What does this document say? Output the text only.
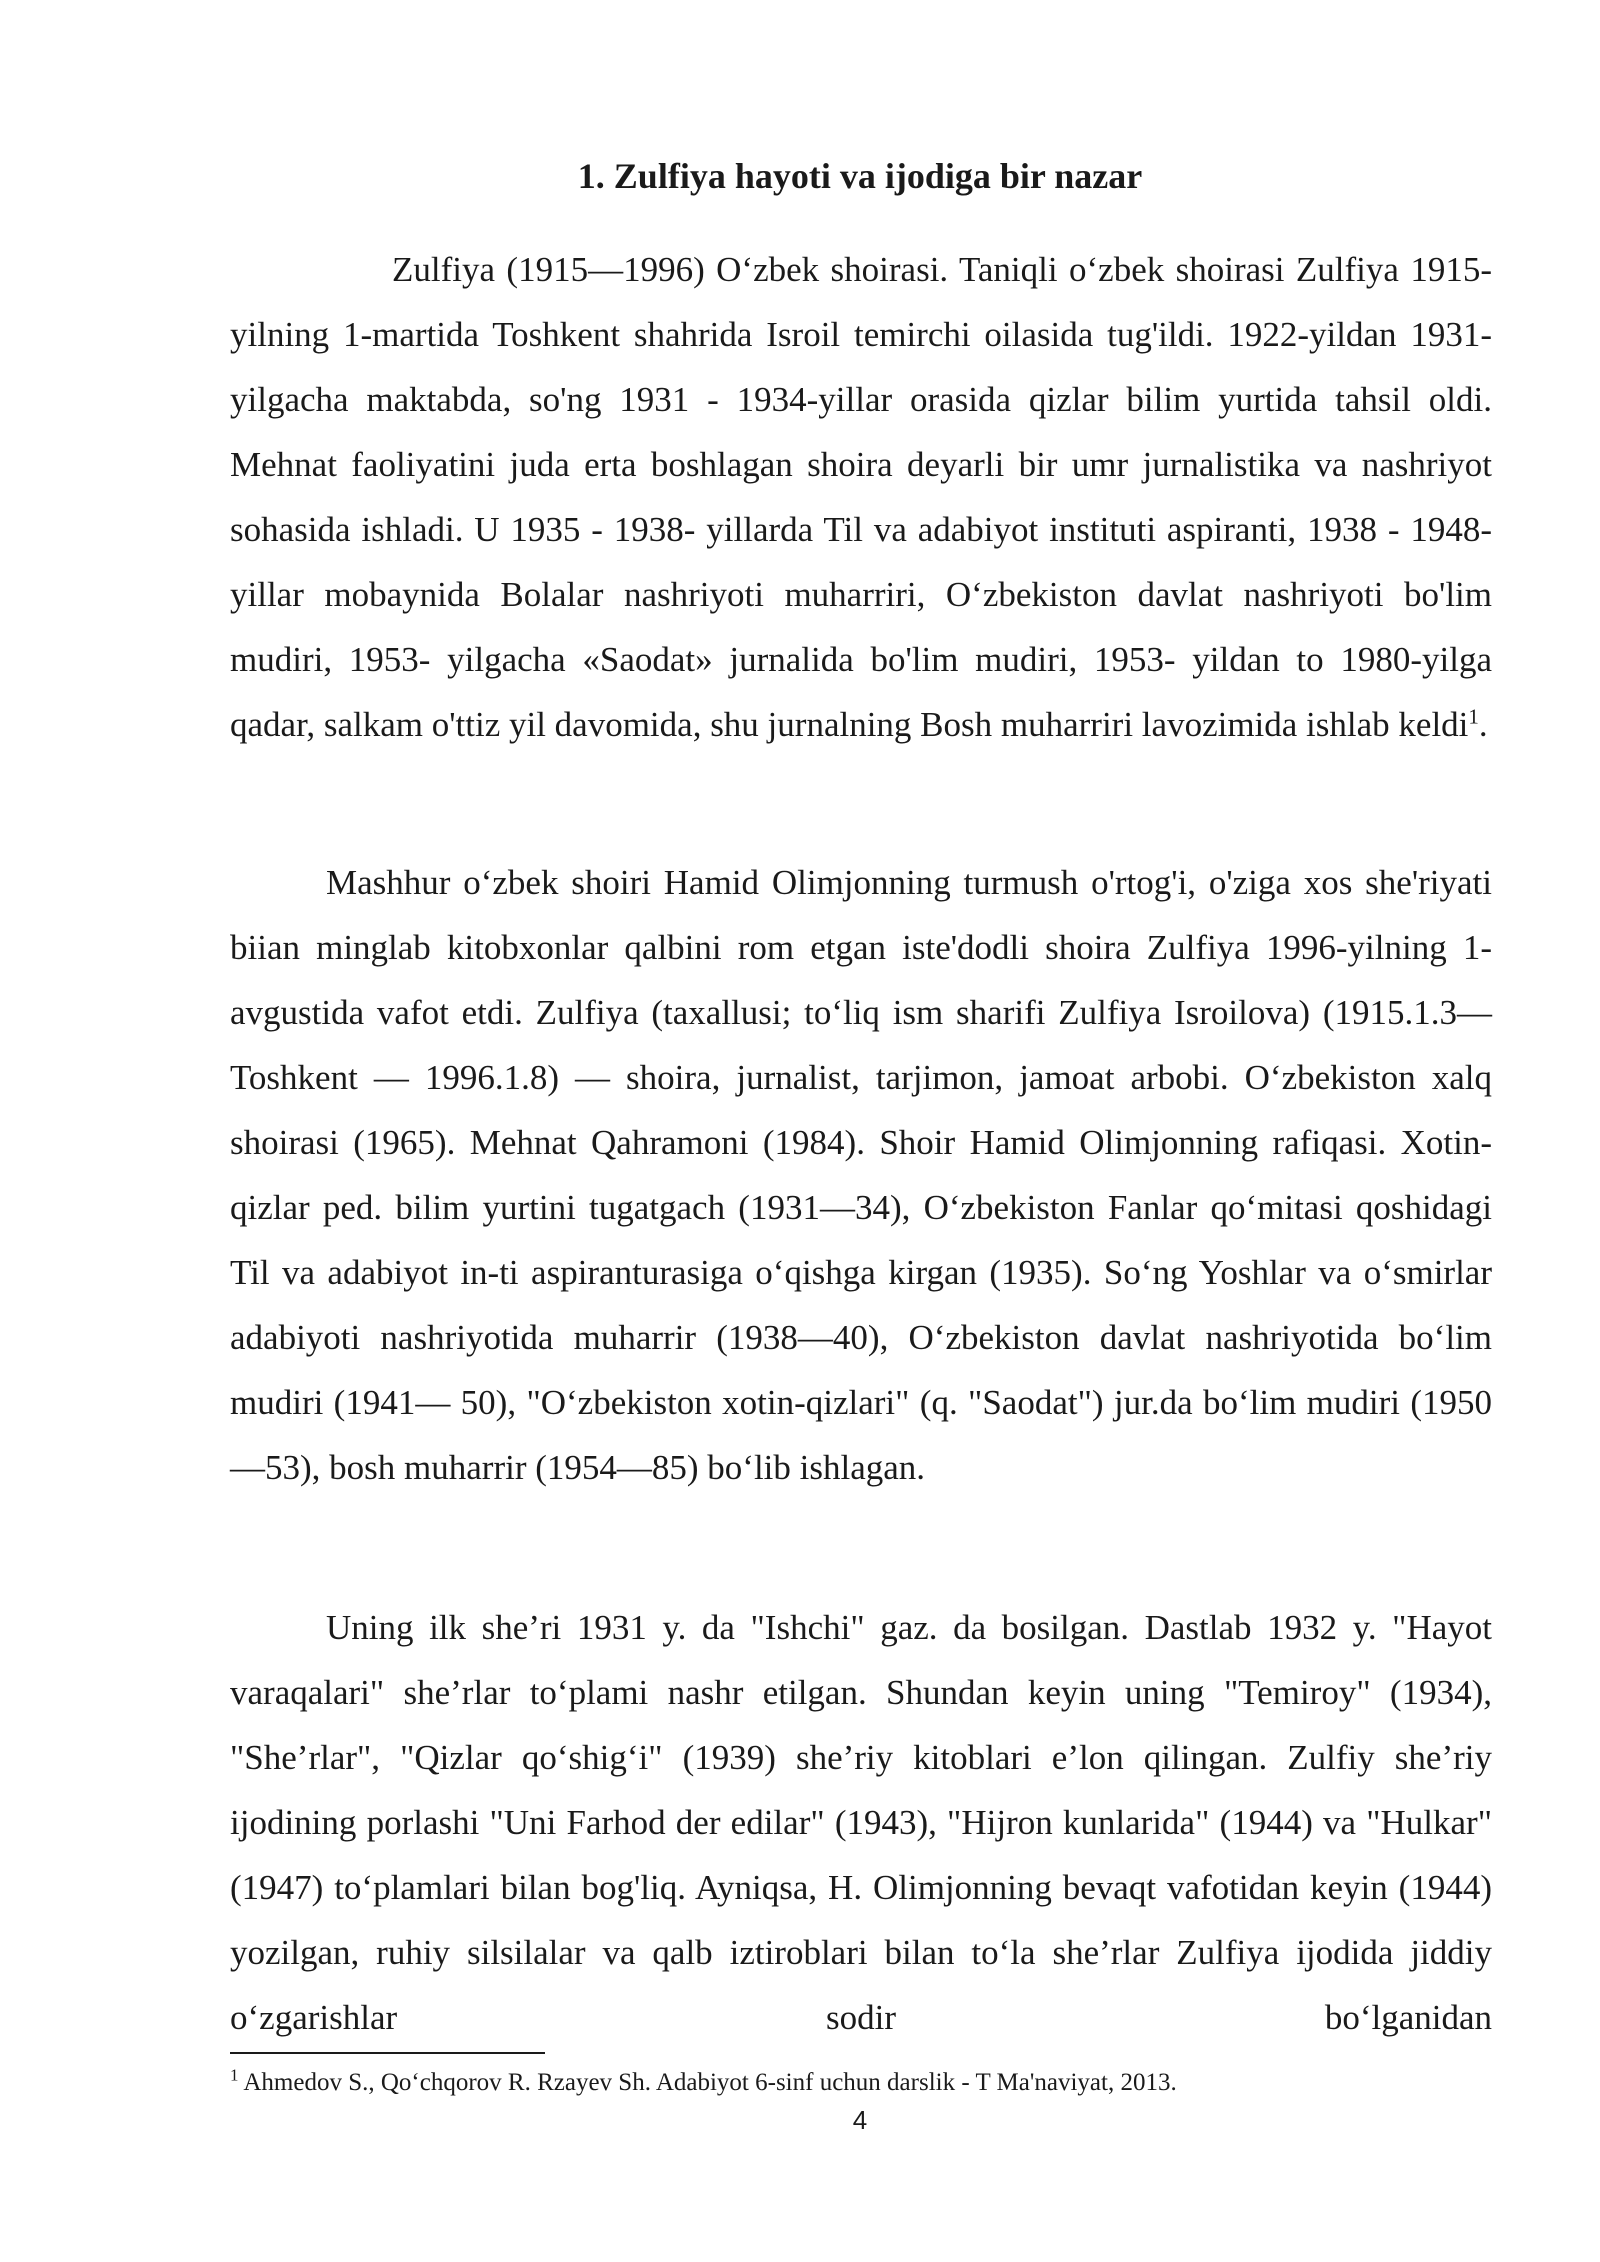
1. Zulfiya hayoti va ijodiga bir nazar

Zulfiya (1915—1996) O‘zbek shoirasi. Taniqli o‘zbek shoirasi Zulfiya 1915- yilning 1-martida Toshkent shahrida Isroil temirchi oilasida tug'ildi. 1922-yildan 1931-yilgacha maktabda, so'ng 1931 - 1934-yillar orasida qizlar bilim yurtida tahsil oldi. Mehnat faoliyatini juda erta boshlagan shoira deyarli bir umr jurnalistika va nashriyot sohasida ishladi. U 1935 - 1938- yillarda Til va adabiyot instituti aspiranti, 1938 - 1948-yillar mobaynida Bolalar nashriyoti muharriri, O‘zbekiston davlat nashriyoti bo'lim mudiri, 1953- yilgacha «Saodat» jurnalida bo'lim mudiri, 1953- yildan to 1980-yilga qadar, salkam o'ttiz yil davomida, shu jurnalning Bosh muharriri lavozimida ishlab keldi$^1$.

Mashhur o‘zbek shoiri Hamid Olimjonning turmush o'rtog'i, o'ziga xos she'riyati biian minglab kitobxonlar qalbini rom etgan iste'dodli shoira Zulfiya 1996-yilning 1-avgustida vafot etdi. Zulfiya (taxallusi; to‘liq ism sharifi Zulfiya Isroilova) (1915.1.3— Toshkent — 1996.1.8) — shoira, jurnalist, tarjimon, jamoat arbobi. O‘zbekiston xalq shoirasi (1965). Mehnat Qahramoni (1984). Shoir Hamid Olimjonning rafiqasi. Xotin-qizlar ped. bilim yurtini tugatgach (1931—34), O‘zbekiston Fanlar qo‘mitasi qoshidagi Til va adabiyot in-ti aspiranturasiga o‘qishga kirgan (1935). So‘ng Yoshlar va o‘smirlar adabiyoti nashriyotida muharrir (1938—40), O‘zbekiston davlat nashriyotida bo‘lim mudiri (1941— 50), "O‘zbekiston xotin-qizlari" (q. "Saodat") jur.da bo‘lim mudiri (1950—53), bosh muharrir (1954—85) bo‘lib ishlagan.

Uning ilk she’ri 1931 y. da "Ishchi" gaz. da bosilgan. Dastlab 1932 y. "Hayot varaqalari" she’rlar to‘plami nashr etilgan. Shundan keyin uning "Temiroy" (1934), "She’rlar", "Qizlar qo‘shig‘i" (1939) she’riy kitoblari e’lon qilingan. Zulfiy she’riy ijodining porlashi "Uni Farhod der edilar" (1943), "Hijron kunlarida" (1944) va "Hulkar" (1947) to‘plamlari bilan bog'liq. Ayniqsa, H. Olimjonning bevaqt vafotidan keyin (1944) yozilgan, ruhiy silsilalar va qalb iztiroblari bilan to‘la she’rlar Zulfiya ijodida jiddiy o‘zgarishlar sodir bo‘lganidan

$^1$ Ahmedov S., Qo‘chqorov R. Rzayev Sh. Adabiyot 6-sinf uchun darslik - T Ma'naviyat, 2013.

4
